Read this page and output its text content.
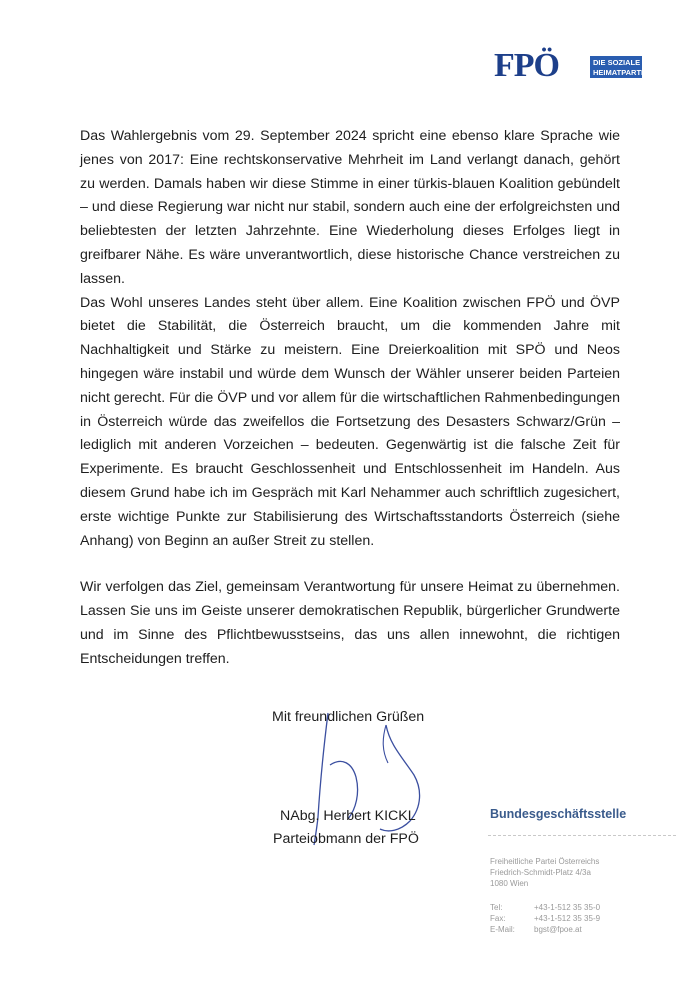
FPÖ	DIE SOZIALE
HEIMATPARTEI

Das Wahlergebnis vom 29. September 2024 spricht eine ebenso klare Sprache wie jenes von 2017: Eine rechtskonservative Mehrheit im Land verlangt danach, gehört zu werden. Damals haben wir diese Stimme in einer türkis-blauen Koalition gebündelt – und diese Regierung war nicht nur stabil, sondern auch eine der erfolgreichsten und beliebtesten der letzten Jahrzehnte. Eine Wiederholung dieses Erfolges liegt in greifbarer Nähe. Es wäre unverantwortlich, diese historische Chance verstreichen zu lassen.

Das Wohl unseres Landes steht über allem. Eine Koalition zwischen FPÖ und ÖVP bietet die Stabilität, die Österreich braucht, um die kommenden Jahre mit Nachhaltigkeit und Stärke zu meistern. Eine Dreierkoalition mit SPÖ und Neos hingegen wäre instabil und würde dem Wunsch der Wähler unserer beiden Parteien nicht gerecht. Für die ÖVP und vor allem für die wirtschaftlichen Rahmenbedingungen in Österreich würde das zweifellos die Fortsetzung des Desasters Schwarz/Grün – lediglich mit anderen Vorzeichen – bedeuten. Gegenwärtig ist die falsche Zeit für Experimente. Es braucht Geschlossenheit und Entschlossenheit im Handeln. Aus diesem Grund habe ich im Gespräch mit Karl Nehammer auch schriftlich zugesichert, erste wichtige Punkte zur Stabilisierung des Wirtschaftsstandorts Österreich (siehe Anhang) von Beginn an außer Streit zu stellen.

Wir verfolgen das Ziel, gemeinsam Verantwortung für unsere Heimat zu übernehmen. Lassen Sie uns im Geiste unserer demokratischen Republik, bürgerlicher Grundwerte und im Sinne des Pflichtbewusstseins, das uns allen innewohnt, die richtigen Entscheidungen treffen.

Mit freundlichen Grüßen
NAbg. Herbert KICKL
Parteiobmann der FPÖ
Bundesgeschäftsstelle
Freiheitliche Partei Österreichs
Friedrich-Schmidt-Platz 4/3a
1080 Wien
Tel:	+43-1-512 35 35-0
Fax:	+43-1-512 35 35-9
E-Mail:	bgst@fpoe.at
